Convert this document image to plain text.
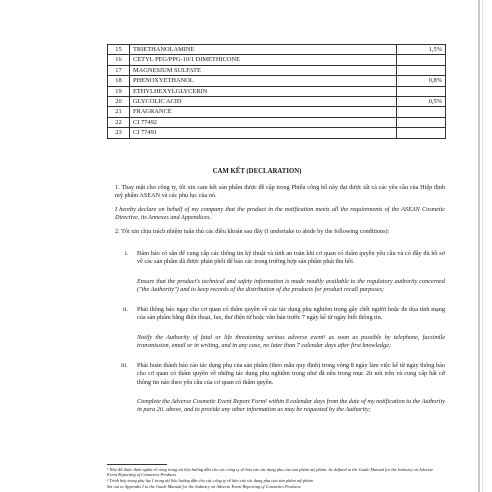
15	TRIETHANOLAMINE	1,5%
16	CETYL PEG/PPG-10/1 DIMETHICONE	
17	MAGNESIUM SULFATE	
18	PHENOXYETHANOL	0,8%
19	ETHYLHEXYLGLYCERIN	
20	GLYCOLIC ACID	0,5%
21	FRAGRANCE	
22	CI 77492	
23	CI 77491	
CAM KẾT (DECLARATION)
1. Thay mặt cho công ty, tôi xin cam kết sản phẩm được đề cập trong Phiếu công bố này đạt được tất cả các yêu cầu của Hiệp định mỹ phẩm ASEAN và các phụ lục của nó.
I hereby declare on behalf of my company that the product in the notification meets all the requirements of the ASEAN Cosmetic Directive, its Annexes and Appendices.
2. Tôi xin chịu trách nhiệm tuân thủ các điều khoản sau đây (I undertake to abide by the following conditions):
i.	Đảm bảo có sẵn để cung cấp các thông tin kỹ thuật và tính an toàn khi cơ quan có thẩm quyền yêu cầu và có đầy đủ hồ sơ về các sản phẩm đã được phân phối để bảo các trong trường hợp sản phẩm phải thu hồi.
Ensure that the product's technical and safety information is made readily available to the regulatory authority concerned ("the Authority") and to keep records of the distribution of the products for product recall purposes;
ii.	Phải thông báo ngay cho cơ quan có thẩm quyền về các tác dụng phụ nghiêm trọng gây chết người hoặc đe dọa tính mạng của sản phẩm bằng điện thoại, fax, thư điện tử hoặc văn bản trước 7 ngày kể từ ngày biết thông tin.
Notify the Authority of fatal or life threatening serious adverse event¹ as soon as possible by telephone, facsimile transmission, email or in writing, and in any case, no later than 7 calendar days after first knowledge;
iii.	Phải hoàn thành báo cáo tác dụng phụ của sản phẩm (theo mẫu quy định) trong vòng 8 ngày làm việc kể từ ngày thông báo cho cơ quan có thẩm quyền về những tác dụng phụ nghiêm trọng như đã nêu trong mục 2ii nói trên và cung cấp bất cứ thông tin nào theo yêu cầu của cơ quan có thẩm quyền.
Complete the Adverse Cosmetic Event Report Form² within 8 calendar days from the date of my notification to the Authority in para 2ii. above, and to provide any other information as may be requested by the Authority;
¹ Như đã được định nghĩa rõ ràng trong tài liệu hướng dẫn cho các công ty về báo cáo tác dụng phụ của sản phẩm mỹ phẩm. As defined in the Guide Manual for the Industry on Adverse Event Reporting of Cosmetics Products
² Trình bày trong phụ lục I trong tài liệu hướng dẫn cho các công ty về báo cáo tác dụng phụ của sản phẩm mỹ phẩm.
Set out in Appendix I to the Guide Manual for the Industry on Adverse Event Reporting of Cosmetics Products
